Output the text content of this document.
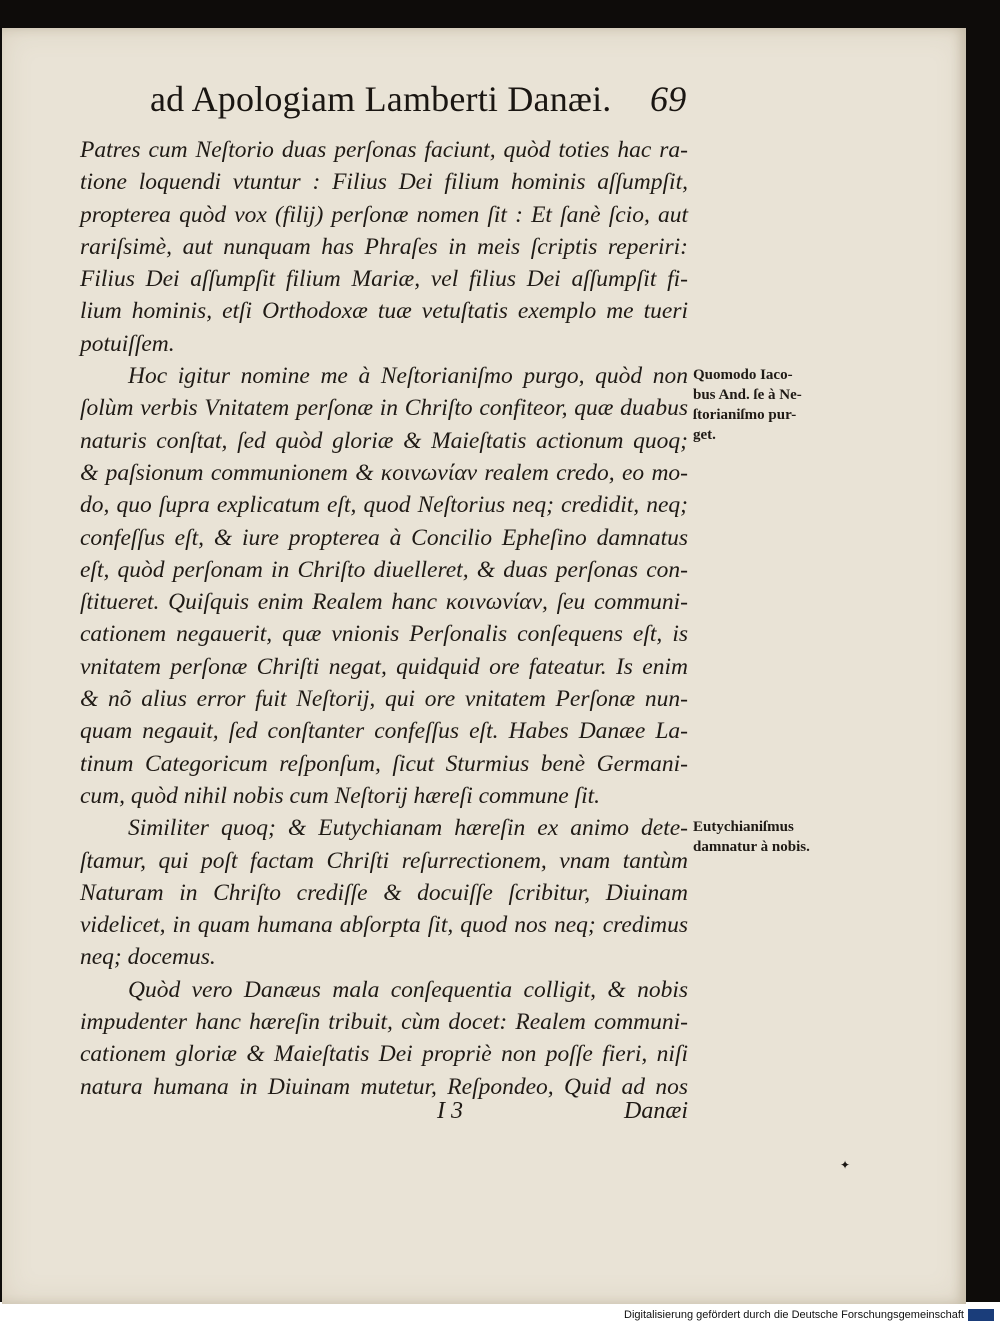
ad Apologiam Lamberti Danæi. 69
Patres cum Neſtorio duas perſonas faciunt, quòd toties hac ra-
tione loquendi vtuntur : Filius Dei filium hominis aſſumpſit,
propterea quòd vox (filij) perſonæ nomen ſit : Et ſanè ſcio, aut
rariſsimè, aut nunquam has Phraſes in meis ſcriptis reperiri:
Filius Dei aſſumpſit filium Mariæ, vel filius Dei aſſumpſit fi-
lium hominis, etſi Orthodoxæ tuæ vetuſtatis exemplo me tueri
potuiſſem.
Hoc igitur nomine me à Neſtorianiſmo purgo, quòd non
ſolùm verbis Vnitatem perſonæ in Chriſto confiteor, quæ duabus
naturis conſtat, ſed quòd gloriæ & Maieſtatis actionum quoq;
& paſsionum communionem & κοινωνίαν realem credo, eo mo-
do, quo ſupra explicatum eſt, quod Neſtorius neq; credidit, neq;
confeſſus eſt, & iure propterea à Concilio Epheſino damnatus
eſt, quòd perſonam in Chriſto diuelleret, & duas perſonas con-
ſtitueret. Quiſquis enim Realem hanc κοινωνίαν, ſeu communi-
cationem negauerit, quæ vnionis Perſonalis conſequens eſt, is
vnitatem perſonæ Chriſti negat, quidquid ore fateatur. Is enim
& nõ alius error fuit Neſtorij, qui ore vnitatem Perſonæ nun-
quam negauit, ſed conſtanter confeſſus eſt. Habes Danæe La-
tinum Categoricum reſponſum, ſicut Sturmius benè Germani-
cum, quòd nihil nobis cum Neſtorij hæreſi commune ſit.
Similiter quoq; & Eutychianam hæreſin ex animo dete-
ſtamur, qui poſt factam Chriſti reſurrectionem, vnam tantùm
Naturam in Chriſto crediſſe & docuiſſe ſcribitur, Diuinam
videlicet, in quam humana abſorpta ſit, quod nos neq; credimus
neq; docemus.
Quòd vero Danæus mala conſequentia colligit, & nobis
impudenter hanc hæreſin tribuit, cùm docet: Realem communi-
cationem gloriæ & Maieſtatis Dei propriè non poſſe fieri, niſi
natura humana in Diuinam mutetur, Reſpondeo, Quid ad nos
Quomodo Iaco-
bus And. ſe à Ne-
ſtorianiſmo pur-
get.
Eutychianiſmus
damnatur à nobis.
I 3	Danæi
✦
Digitalisierung gefördert durch die Deutsche Forschungsgemeinschaft
